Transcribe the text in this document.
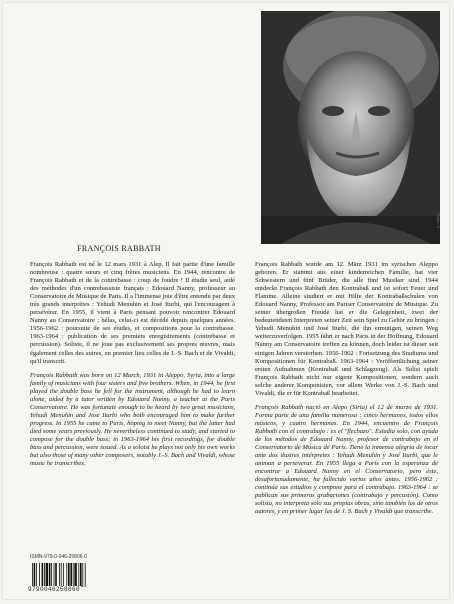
Photo: K
FRANÇOIS RABBATH

François Rabbath est né le 12 mars 1931 à Alep. Il fait partie d'une famille nombreuse : quatre sœurs et cinq frères musiciens. En 1944, rencontre de François Rabbath et de la contrebasse : coup de foudre ! Il étudie seul, aidé des méthodes d'un contrebassiste français : Edouard Nanny, professeur au Conservatoire de Musique de Paris. Il a l'immense joie d'être entendu par deux très grands interprètes : Yehudi Menuhin et José Iturbi, qui l'encouragent à persévérer. En 1955, il vient à Paris pensant pouvoir rencontrer Edouard Nanny au Conservatoire ; hélas, celui-ci est décédé depuis quelques années. 1956-1962 : poursuite de ses études, et compositions pour la contrebasse. 1963-1964 : publication de ses premiers enregistrements (contrebasse et percussion). Soliste, il ne joue pas exclusivement ses propres œuvres, mais également celles des autres, en premier lieu celles de J.-S. Bach et de Vivaldi, qu'il transcrit.

François Rabbath was born on 12 March, 1931 in Aleppo, Syria, into a large family of musicians with four sisters and five brothers. When, in 1944, he first played the double bass he fell for the instrument, although he had to learn alone, aided by a tutor written by Edouard Nanny, a teacher at the Paris Conservatoire. He was fortunate enough to be heard by two great musicians, Yehudi Menuhin and José Iturbi who both encouraged him to make further progress. In 1955 he came to Paris, hoping to meet Nanny, but the latter had died some years previously. He nevertheless continued to study, and started to compose for the double bass; in 1963-1964 his first recordings, for double bass and percussion, were issued. As a soloist he plays not only his own works but also those of many other composers, notably J.-S. Bach and Vivaldi, whose music he transcribes.

François Rabbath wurde am 12. März 1931 im syrischen Aleppo geboren. Er stammt aus einer kinderreichen Familie, hat vier Schwestern und fünf Brüder, die alle fünf Musiker sind. 1944 entdeckt François Rabbath den Kontrabaß und ist sofort Feuer und Flamme. Alleine studiert er mit Hilfe der Kontrabaßschulen von Edouard Nanny, Professor am Pariser Conservatoire de Musique. Zu seiner übergroßen Freude hat er die Gelegenheit, zwei der bedeutendsten Interpreten seiner Zeit sein Spiel zu Gehör zu bringen : Yehudi Menuhin und José Iturbi, die ihn ermutigen, seinen Weg weiterzuverfolgen. 1955 fährt er nach Paris in der Hoffnung, Edouard Nanny am Conservatoire treffen zu können, doch leider ist dieser seit einigen Jahren verstorben. 1956-1962 : Fortsetzung des Studiums und Kompositionen für Kontrabaß. 1963-1964 : Veröffentlichung seiner ersten Aufnahmen (Kontrabaß und Schlagzeug). Als Solist spielt François Rabbath nicht nur eigene Kompositionen, sondern auch solche anderer Komponisten, vor allem Werke von J.-S. Bach und Vivaldi, die er für Kontrabaß bearbeitet.

François Rabbath nació en Alepo (Siria) el 12 de marzo de 1931. Forma parte de una familia numerosa : cinco hermanos, todos ellos músicos, y cuatro hermanas. En 1944, encuentro de François Rabbath con el contrabajo : es el "flechazo". Estudia solo, con ayuda de los métodos de Edouard Nanny, profesor de contrabajo en el Conservatorio de Música de París. Tiene la inmensa alegría de tocar ante dos ilustres intérpretes : Yehudi Menuhin y José Iturbi, que le animan a perseverar. En 1955 llega a París con la esperanza de encontrar a Edouard Nanny en el Conservatorio, pero éste, desafortunadamente, ha fallecido varios años antes. 1956-1962 : continúa sus estudios y compone para el contrabajo. 1963-1964 : se publican sus primeras grabaciones (contrabajo y percusión). Como solista, no interpreta sólo sus propias obras, sino también las de otros autores, y en primer lugar las de J. S. Bach y Vivaldi que transcribe.

ISMN-979-0-046-25806-0
9790046258060
